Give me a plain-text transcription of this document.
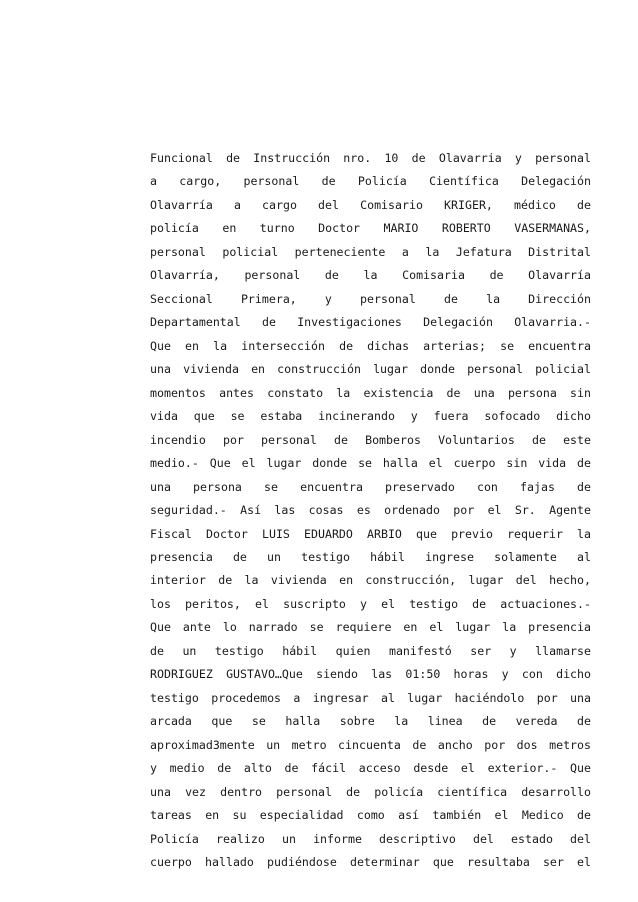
Funcional de Instrucción nro. 10 de Olavarria y personal
a cargo, personal de Policía Científica Delegación
Olavarría a cargo del Comisario KRIGER, médico de
policía en turno Doctor MARIO ROBERTO VASERMANAS,
personal policial perteneciente a la Jefatura Distrital
Olavarría, personal de la Comisaria de Olavarría
Seccional Primera, y personal de la Dirección
Departamental de Investigaciones Delegación Olavarria.-
Que en la intersección de dichas arterias; se encuentra
una vivienda en construcción lugar donde personal policial
momentos antes constato la existencia de una persona sin
vida que se estaba incinerando y fuera sofocado dicho
incendio por personal de Bomberos Voluntarios de este
medio.- Que el lugar donde se halla el cuerpo sin vida de
una persona se encuentra preservado con fajas de
seguridad.- Así las cosas es ordenado por el Sr. Agente
Fiscal Doctor LUIS EDUARDO ARBIO que previo requerir la
presencia de un testigo hábil ingrese solamente al
interior de la vivienda en construcción, lugar del hecho,
los peritos, el suscripto y el testigo de actuaciones.-
Que ante lo narrado se requiere en el lugar la presencia
de un testigo hábil quien manifestó ser y llamarse
RODRIGUEZ GUSTAVO…Que siendo las 01:50 horas y con dicho
testigo procedemos a ingresar al lugar haciéndolo por una
arcada que se halla sobre la linea de vereda de
aproximad3mente un metro cincuenta de ancho por dos metros
y medio de alto de fácil acceso desde el exterior.- Que
una vez dentro personal de policía científica desarrollo
tareas en su especialidad como así también el Medico de
Policía realizo un informe descriptivo del estado del
cuerpo hallado pudiéndose determinar que resultaba ser el
